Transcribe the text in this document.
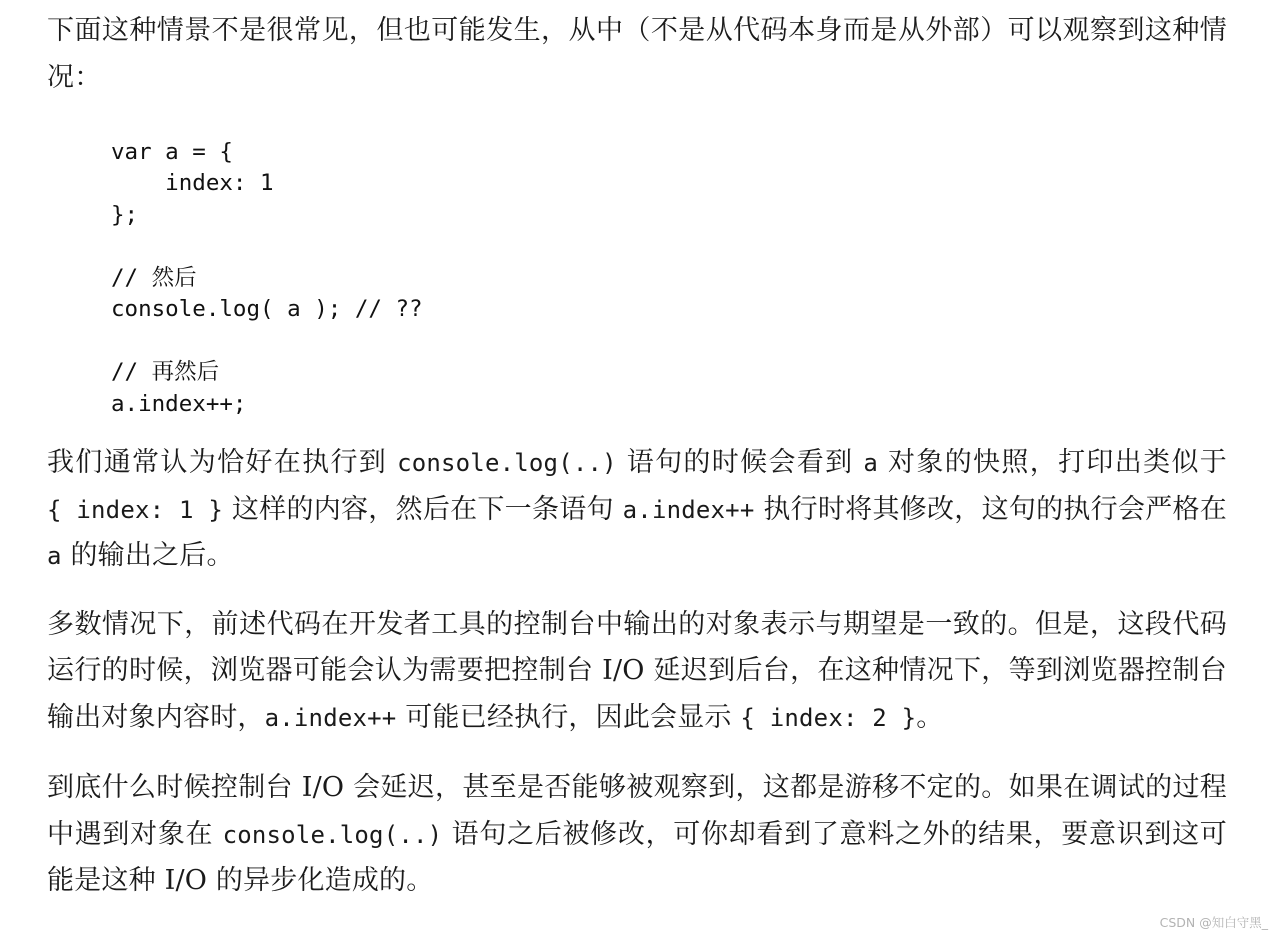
下面这种情景不是很常见，但也可能发生，从中（不是从代码本身而是从外部）可以观察到这种情况：

var a = {
index: 1
};
// 然后
console.log( a ); // ??
// 再然后
a.index++;

我们通常认为恰好在执行到 console.log(..) 语句的时候会看到 a 对象的快照，打印出类似于 { index: 1 } 这样的内容，然后在下一条语句 a.index++ 执行时将其修改，这句的执行会严格在 a 的输出之后。

多数情况下，前述代码在开发者工具的控制台中输出的对象表示与期望是一致的。但是，这段代码运行的时候，浏览器可能会认为需要把控制台 I/O 延迟到后台，在这种情况下，等到浏览器控制台输出对象内容时，a.index++ 可能已经执行，因此会显示 { index: 2 }。

到底什么时候控制台 I/O 会延迟，甚至是否能够被观察到，这都是游移不定的。如果在调试的过程中遇到对象在 console.log(..) 语句之后被修改，可你却看到了意料之外的结果，要意识到这可能是这种 I/O 的异步化造成的。

CSDN @知白守黑_
